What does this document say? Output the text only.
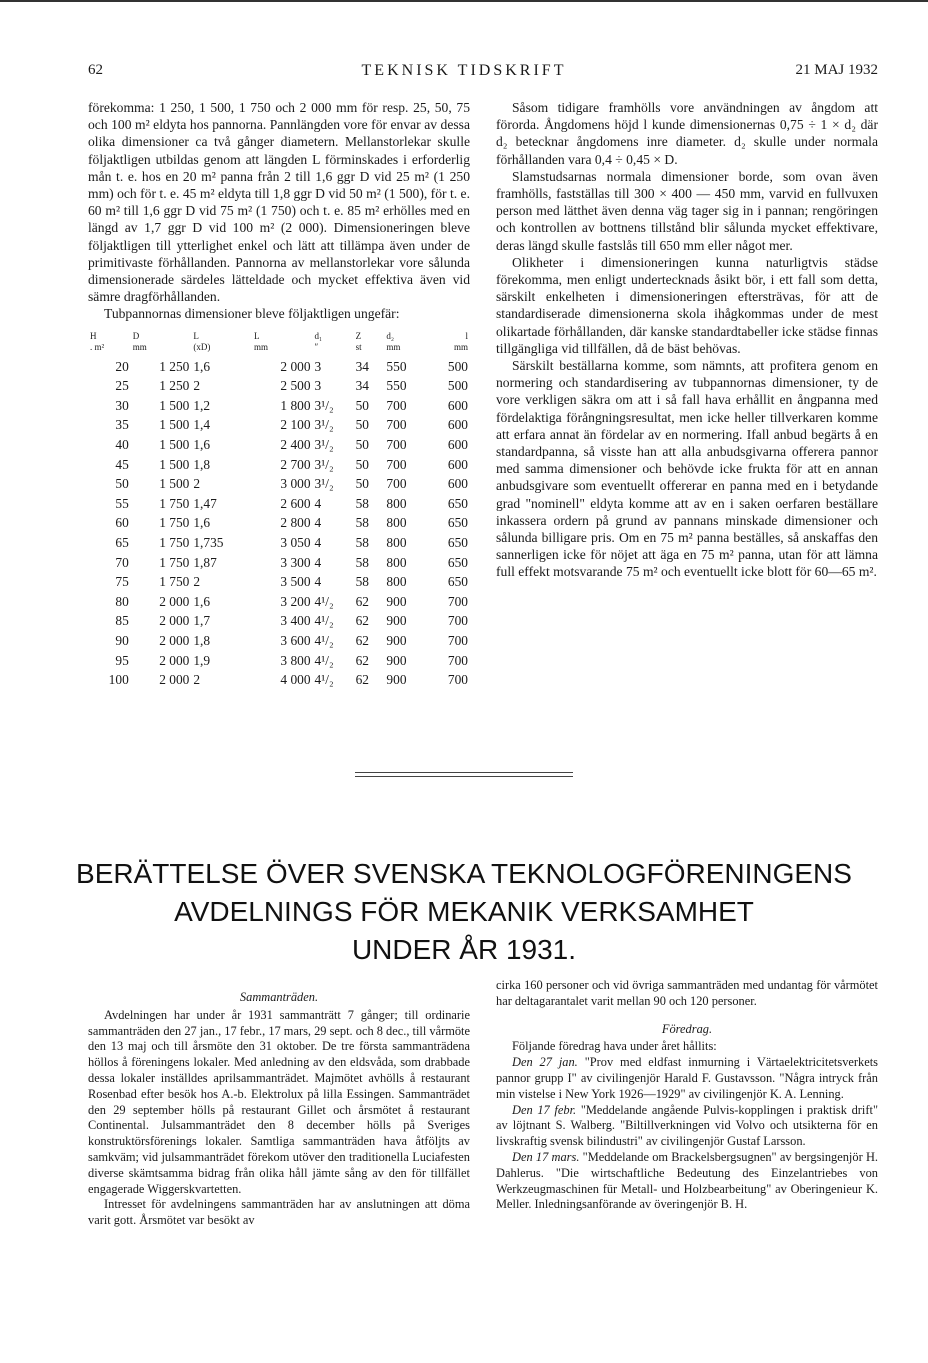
62	TEKNISK TIDSKRIFT	21 MAJ 1932

förekomma: 1 250, 1 500, 1 750 och 2 000 mm för resp. 25, 50, 75 och 100 m² eldyta hos pannorna. Pannlängden vore för envar av dessa olika dimensioner ca två gånger diametern. Mellanstorlekar skulle följaktligen utbildas genom att längden L förminskades i erforderlig mån t. e. hos en 20 m² panna från 2 till 1,6 ggr D vid 25 m² (1 250 mm) och för t. e. 45 m² eldyta till 1,8 ggr D vid 50 m² (1 500), för t. e. 60 m² till 1,6 ggr D vid 75 m² (1 750) och t. e. 85 m² erhölles med en längd av 1,7 ggr D vid 100 m² (2 000). Dimensioneringen bleve följaktligen till ytterlighet enkel och lätt att tillämpa även under de primitivaste förhållanden. Pannorna av mellanstorlekar vore sålunda dimensionerade särdeles lätteldade och mycket effektiva även vid sämre dragförhållanden.

Tubpannornas dimensioner bleve följaktligen ungefär:

H	D	L	L	d₁	Z	d₂	l
. m²	mm	(xD)	mm	″	st	mm	mm
20	1 250	1,6	2 000	3	34	550	500
25	1 250	2	2 500	3	34	550	500
30	1 500	1,2	1 800	3¹/₂	50	700	600
35	1 500	1,4	2 100	3¹/₂	50	700	600
40	1 500	1,6	2 400	3¹/₂	50	700	600
45	1 500	1,8	2 700	3¹/₂	50	700	600
50	1 500	2	3 000	3¹/₂	50	700	600
55	1 750	1,47	2 600	4	58	800	650
60	1 750	1,6	2 800	4	58	800	650
65	1 750	1,735	3 050	4	58	800	650
70	1 750	1,87	3 300	4	58	800	650
75	1 750	2	3 500	4	58	800	650
80	2 000	1,6	3 200	4¹/₂	62	900	700
85	2 000	1,7	3 400	4¹/₂	62	900	700
90	2 000	1,8	3 600	4¹/₂	62	900	700
95	2 000	1,9	3 800	4¹/₂	62	900	700
100	2 000	2	4 000	4¹/₂	62	900	700

Såsom tidigare framhölls vore användningen av ångdom att förorda. Ångdomens höjd l kunde dimensionernas 0,75 ÷ 1 × d₂ där d₂ betecknar ångdomens inre diameter. d₂ skulle under normala förhållanden vara 0,4 ÷ 0,45 × D.

Slamstudsarnas normala dimensioner borde, som ovan även framhölls, fastställas till 300 × 400 — 450 mm, varvid en fullvuxen person med lätthet även denna väg tager sig in i pannan; rengöringen och kontrollen av bottnens tillstånd blir sålunda mycket effektivare, deras längd skulle fastslås till 650 mm eller något mer.

Olikheter i dimensioneringen kunna naturligtvis städse förekomma, men enligt undertecknads åsikt bör, i ett fall som detta, särskilt enkelheten i dimensioneringen eftersträvas, för att de standardiserade dimensionerna skola ihågkommas under de mest olikartade förhållanden, där kanske standardtabeller icke städse finnas tillgängliga vid tillfällen, då de bäst behövas.

Särskilt beställarna komme, som nämnts, att profitera genom en normering och standardisering av tubpannornas dimensioner, ty de vore verkligen säkra om att i så fall hava erhållit en ångpanna med fördelaktiga förångningsresultat, men icke heller tillverkaren komme att erfara annat än fördelar av en normering. Ifall anbud begärts å en standardpanna, så visste han att alla anbudsgivarna offerera pannor med samma dimensioner och behövde icke frukta för att en annan anbudsgivare som eventuellt offererar en panna med en i betydande grad "nominell" eldyta komme att av en i saken oerfaren beställare inkassera ordern på grund av pannans minskade dimensioner och sålunda billigare pris. Om en 75 m² panna beställes, så anskaffas den sannerligen icke för nöjet att äga en 75 m² panna, utan för att lämna full effekt motsvarande 75 m² och eventuellt icke blott för 60—65 m².

BERÄTTELSE ÖVER SVENSKA TEKNOLOGFÖRENINGENS
AVDELNINGS FÖR MEKANIK VERKSAMHET
UNDER ÅR 1931.

Sammanträden.

Avdelningen har under år 1931 sammanträtt 7 gånger; till ordinarie sammanträden den 27 jan., 17 febr., 17 mars, 29 sept. och 8 dec., till vårmöte den 13 maj och till årsmöte den 31 oktober. De tre första sammanträdena höllos å föreningens lokaler. Med anledning av den eldsvåda, som drabbade dessa lokaler inställdes aprilsammanträdet. Majmötet avhölls å restaurant Rosenbad efter besök hos A.-b. Elektrolux på lilla Essingen. Sammanträdet den 29 september hölls på restaurant Gillet och årsmötet å restaurant Continental. Julsammanträdet den 8 december hölls på Sveriges konstruktörsförenings lokaler. Samtliga sammanträden hava åtföljts av samkväm; vid julsammanträdet förekom utöver den traditionella Luciafesten diverse skämtsamma bidrag från olika håll jämte sång av den för tillfället engagerade Wiggerskvartetten.

Intresset för avdelningens sammanträden har av anslutningen att döma varit gott. Årsmötet var besökt av

cirka 160 personer och vid övriga sammanträden med undantag för vårmötet har deltagarantalet varit mellan 90 och 120 personer.

Föredrag.

Följande föredrag hava under året hållits:

Den 27 jan. "Prov med eldfast inmurning i Värtaelektricitetsverkets pannor grupp I" av civilingenjör Harald F. Gustavsson. "Några intryck från min vistelse i New York 1926—1929" av civilingenjör K. A. Lenning.

Den 17 febr. "Meddelande angående Pulvis-kopplingen i praktisk drift" av löjtnant S. Walberg. "Biltillverkningen vid Volvo och utsikterna för en livskraftig svensk bilindustri" av civilingenjör Gustaf Larsson.

Den 17 mars. "Meddelande om Brackelsbergsugnen" av bergsingenjör H. Dahlerus. "Die wirtschaftliche Bedeutung des Einzelantriebes von Werkzeugmaschinen für Metall- und Holzbearbeitung" av Oberingenieur K. Meller. Inledningsanförande av överingenjör B. H.
